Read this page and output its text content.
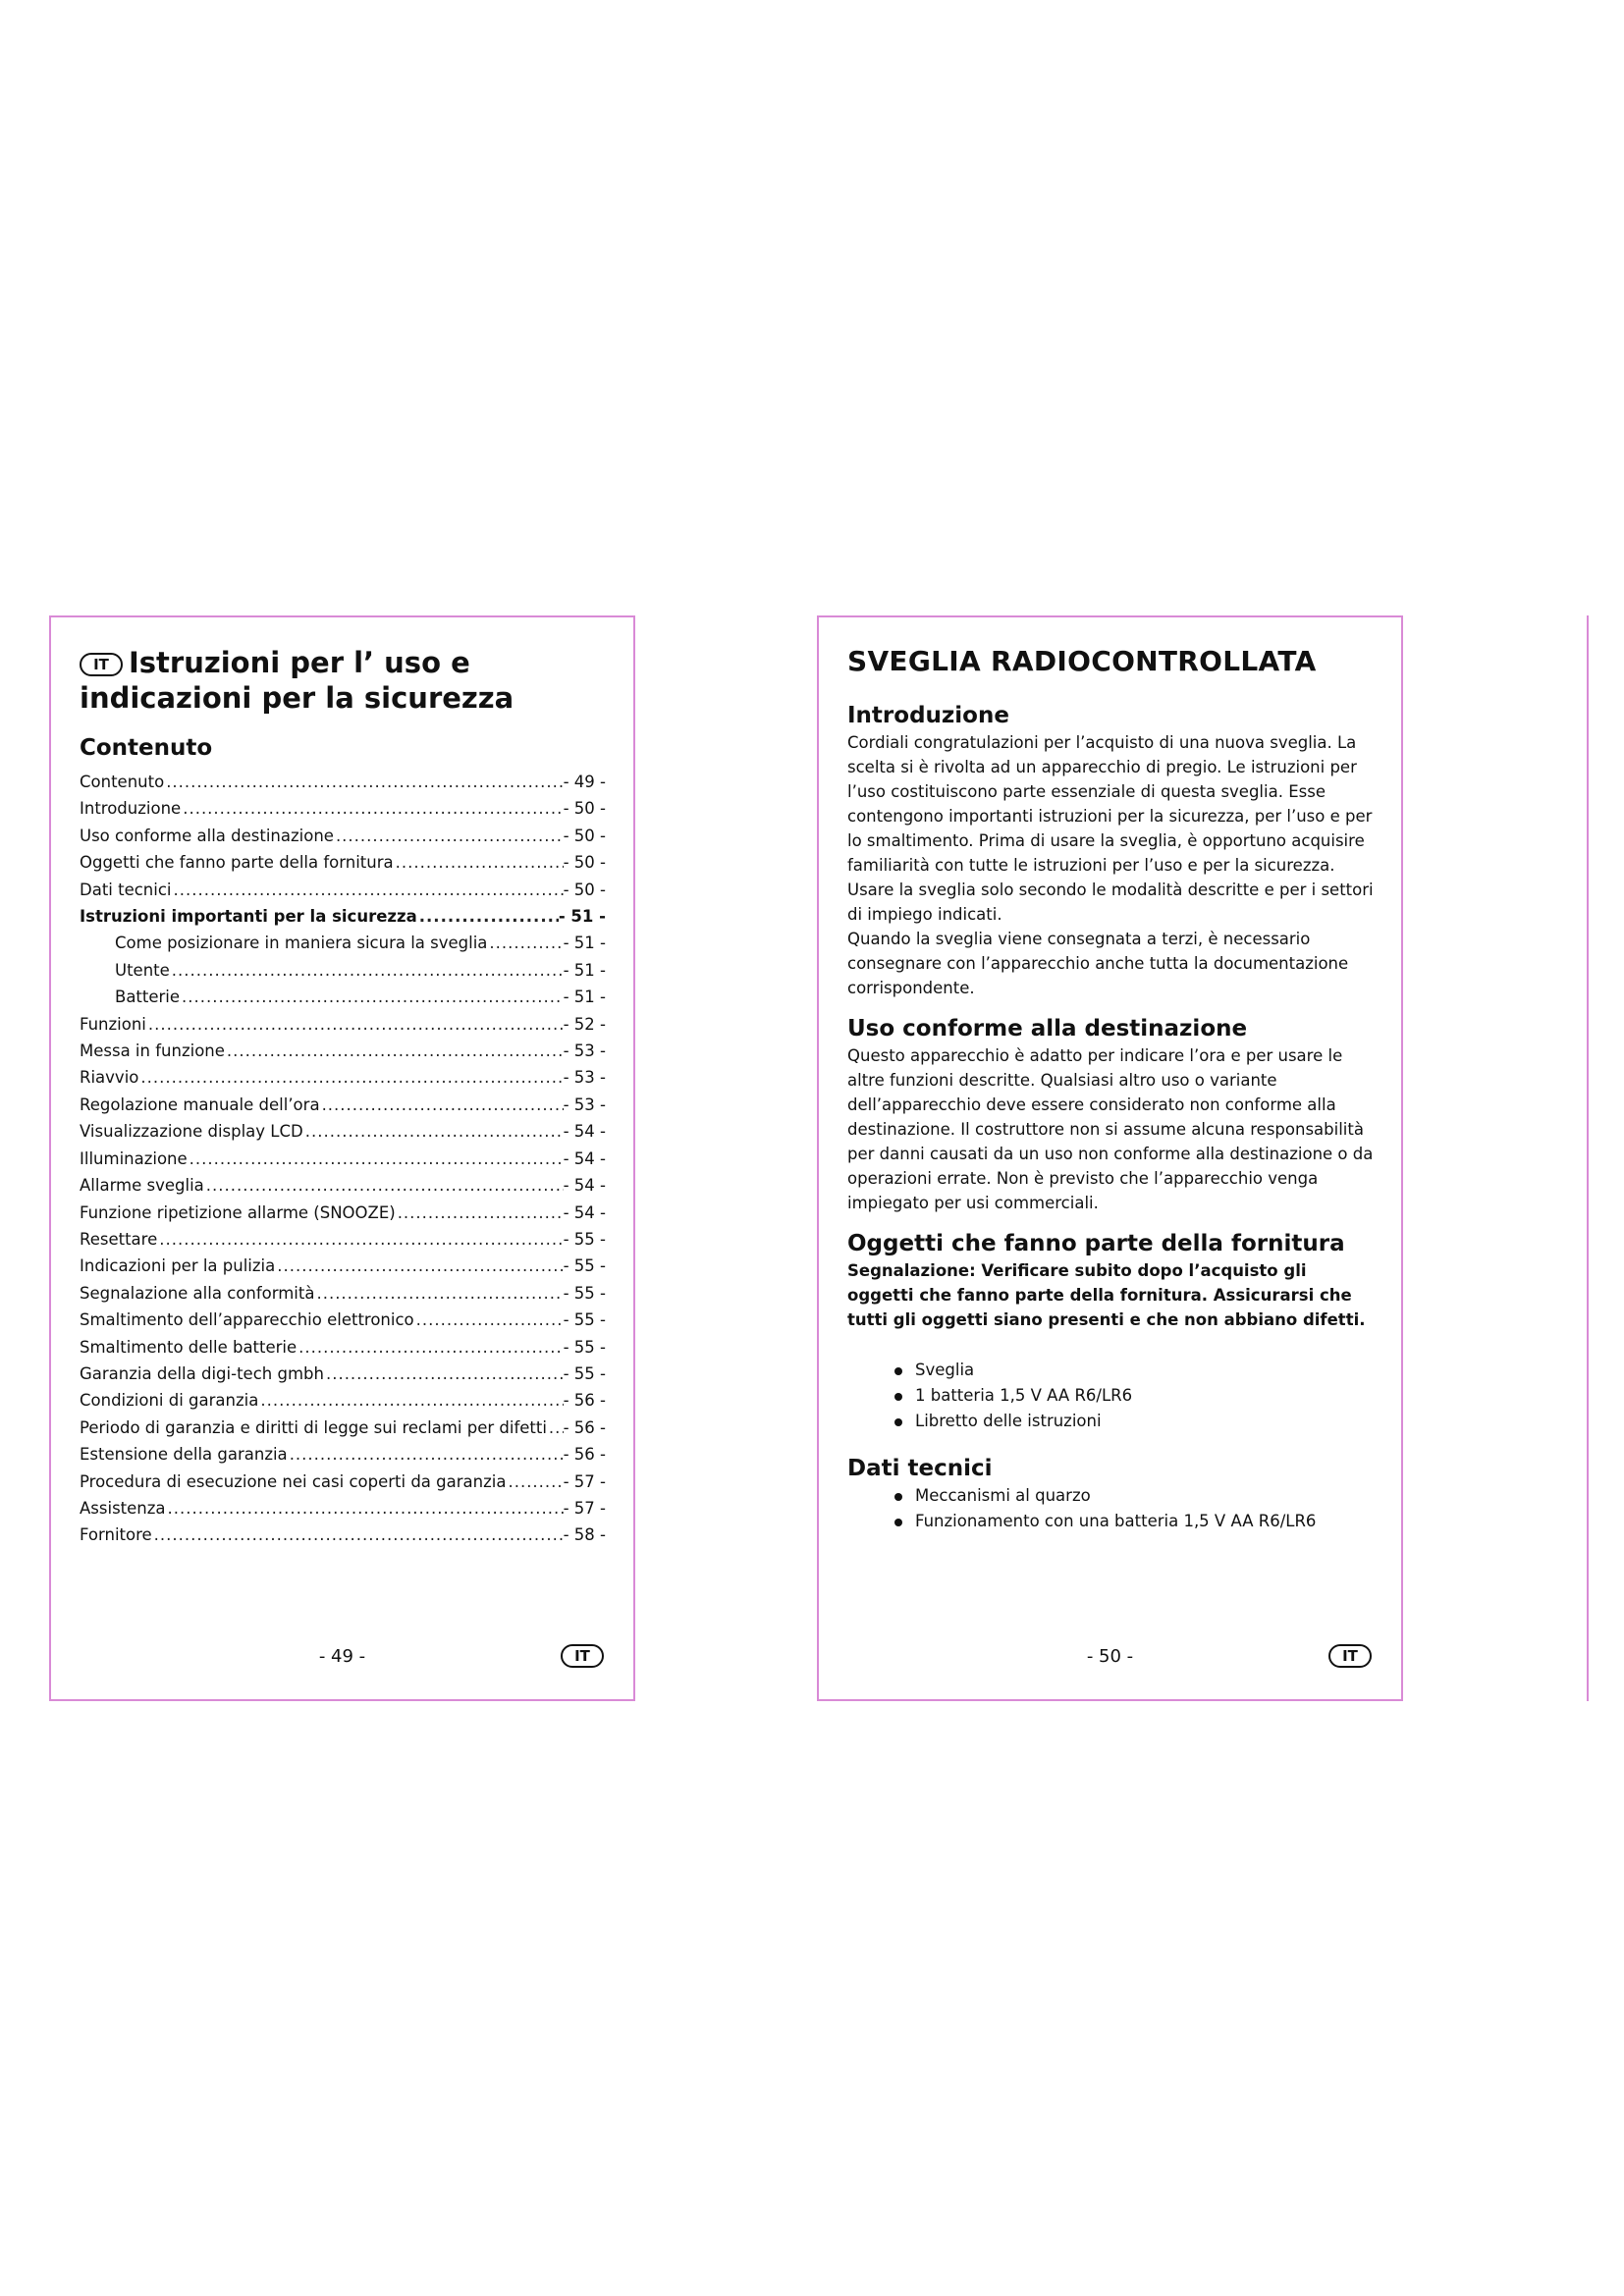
IT Istruzioni per l’ uso e indicazioni per la sicurezza
Contenuto
Contenuto .....	- 49 -
Introduzione .....	- 50 -
Uso conforme alla destinazione .....	- 50 -
Oggetti che fanno parte della fornitura .....	- 50 -
Dati tecnici .....	- 50 -
Istruzioni importanti per la sicurezza .....	- 51 -
Come posizionare in maniera sicura la sveglia .....	- 51 -
Utente .....	- 51 -
Batterie .....	- 51 -
Funzioni .....	- 52 -
Messa in funzione .....	- 53 -
Riavvio .....	- 53 -
Regolazione manuale dell’ora .....	- 53 -
Visualizzazione display LCD .....	- 54 -
Illuminazione .....	- 54 -
Allarme sveglia .....	- 54 -
Funzione ripetizione allarme (SNOOZE) .....	- 54 -
Resettare .....	- 55 -
Indicazioni per la pulizia .....	- 55 -
Segnalazione alla conformità .....	- 55 -
Smaltimento dell’apparecchio elettronico .....	- 55 -
Smaltimento delle batterie .....	- 55 -
Garanzia della digi-tech gmbh .....	- 55 -
Condizioni di garanzia .....	- 56 -
Periodo di garanzia e diritti di legge sui reclami per difetti ..... - 56 -
Estensione della garanzia .....	- 56 -
Procedura di esecuzione nei casi coperti da garanzia .....	- 57 -
Assistenza .....	- 57 -
Fornitore .....	- 58 -
- 49 -	IT
SVEGLIA RADIOCONTROLLATA
Introduzione

Cordiali congratulazioni per l’acquisto di una nuova sveglia. La scelta si è rivolta ad un apparecchio di pregio. Le istruzioni per l’uso costituiscono parte essenziale di questa sveglia. Esse contengono importanti istruzioni per la sicurezza, per l’uso e per lo smaltimento. Prima di usare la sveglia, è opportuno acquisire familiarità con tutte le istruzioni per l’uso e per la sicurezza. Usare la sveglia solo secondo le modalità descritte e per i settori di impiego indicati.

Quando la sveglia viene consegnata a terzi, è necessario consegnare con l’apparecchio anche tutta la documentazione corrispondente.

Uso conforme alla destinazione

Questo apparecchio è adatto per indicare l’ora e per usare le altre funzioni descritte. Qualsiasi altro uso o variante dell’apparecchio deve essere considerato non conforme alla destinazione. Il costruttore non si assume alcuna responsabilità per danni causati da un uso non conforme alla destinazione o da operazioni errate. Non è previsto che l’apparecchio venga impiegato per usi commerciali.

Oggetti che fanno parte della fornitura

Segnalazione: Verificare subito dopo l’acquisto gli oggetti che fanno parte della fornitura. Assicurarsi che tutti gli oggetti siano presenti e che non abbiano difetti.

Sveglia
1 batteria 1,5 V AA R6/LR6
Libretto delle istruzioni
Dati tecnici
Meccanismi al quarzo
Funzionamento con una batteria 1,5 V AA R6/LR6
- 50 -	IT
